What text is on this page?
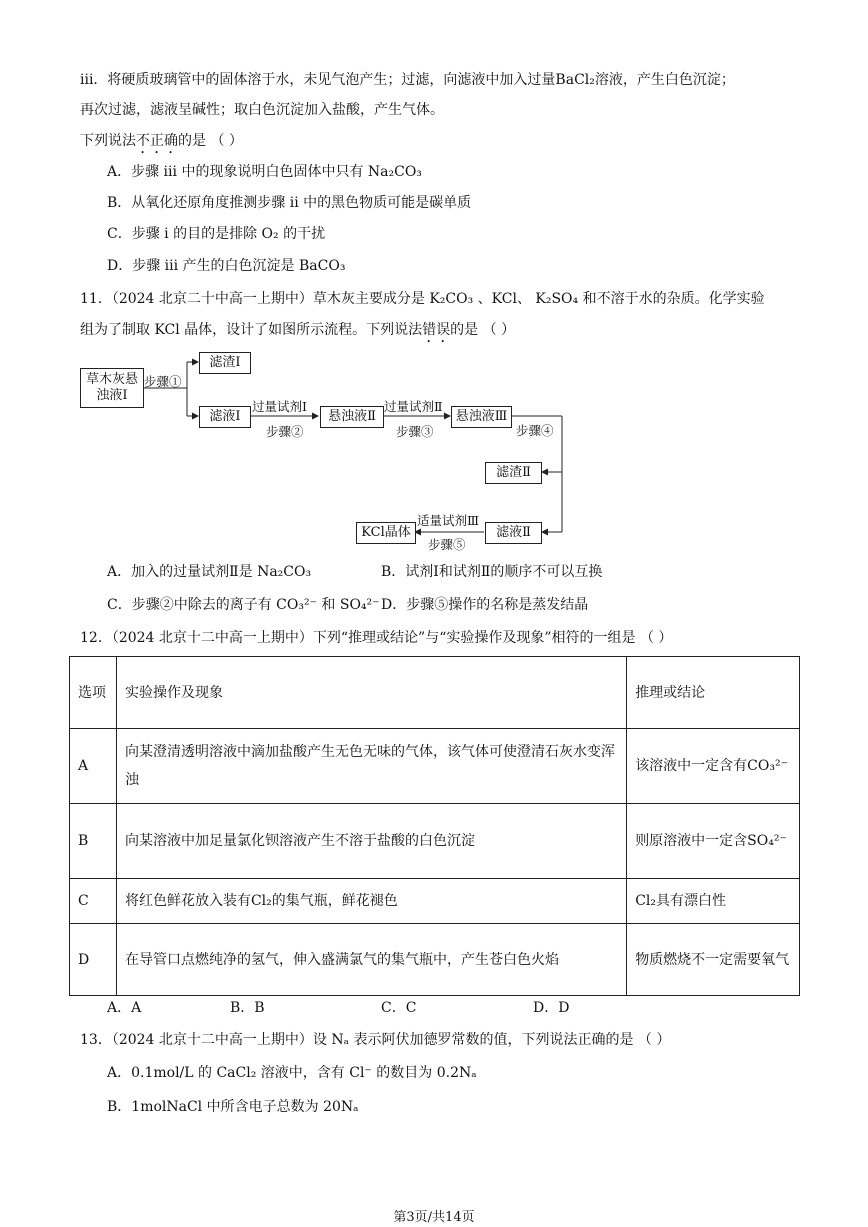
iii．将硬质玻璃管中的固体溶于水，未见气泡产生；过滤，向滤液中加入过量BaCl₂溶液，产生白色沉淀；
再次过滤，滤液呈碱性；取白色沉淀加入盐酸，产生气体。
下列说法不正确的是 （ ）
A．步骤 iii 中的现象说明白色固体中只有 Na₂CO₃
B．从氧化还原角度推测步骤 ii 中的黑色物质可能是碳单质
C．步骤 i 的目的是排除 O₂ 的干扰
D．步骤 iii 产生的白色沉淀是 BaCO₃
11．（2024 北京二十中高一上期中）草木灰主要成分是 K₂CO₃ 、KCl、 K₂SO₄ 和不溶于水的杂质。化学实验
组为了制取 KCl 晶体，设计了如图所示流程。下列说法错误的是 （ ）
草木灰悬浊液Ⅰ
步骤①
滤渣Ⅰ
滤液Ⅰ
过量试剂Ⅰ
步骤②
悬浊液Ⅱ
过量试剂Ⅱ
步骤③
悬浊液Ⅲ
步骤④
滤渣Ⅱ
滤液Ⅱ
适量试剂Ⅲ
步骤⑤
KCl晶体
A．加入的过量试剂Ⅱ是 Na₂CO₃	B．试剂Ⅰ和试剂Ⅱ的顺序不可以互换
C．步骤②中除去的离子有 CO₃²⁻ 和 SO₄²⁻ D．步骤⑤操作的名称是蒸发结晶
12．（2024 北京十二中高一上期中）下列“推理或结论”与“实验操作及现象”相符的一组是 （ ）
选项	实验操作及现象	推理或结论
A	向某澄清透明溶液中滴加盐酸产生无色无味的气体，该气体可使澄清石灰水变浑浊	该溶液中一定含有CO₃²⁻
B	向某溶液中加足量氯化钡溶液产生不溶于盐酸的白色沉淀	则原溶液中一定含SO₄²⁻
C	将红色鲜花放入装有Cl₂的集气瓶，鲜花褪色	Cl₂具有漂白性
D	在导管口点燃纯净的氢气，伸入盛满氯气的集气瓶中，产生苍白色火焰	物质燃烧不一定需要氧气
A．A	B．B	C．C	D．D
13．（2024 北京十二中高一上期中）设 Nₐ 表示阿伏加德罗常数的值，下列说法正确的是 （ ）
A．0.1mol/L 的 CaCl₂ 溶液中，含有 Cl⁻ 的数目为 0.2Nₐ
B．1molNaCl 中所含电子总数为 20Nₐ
第3页/共14页
